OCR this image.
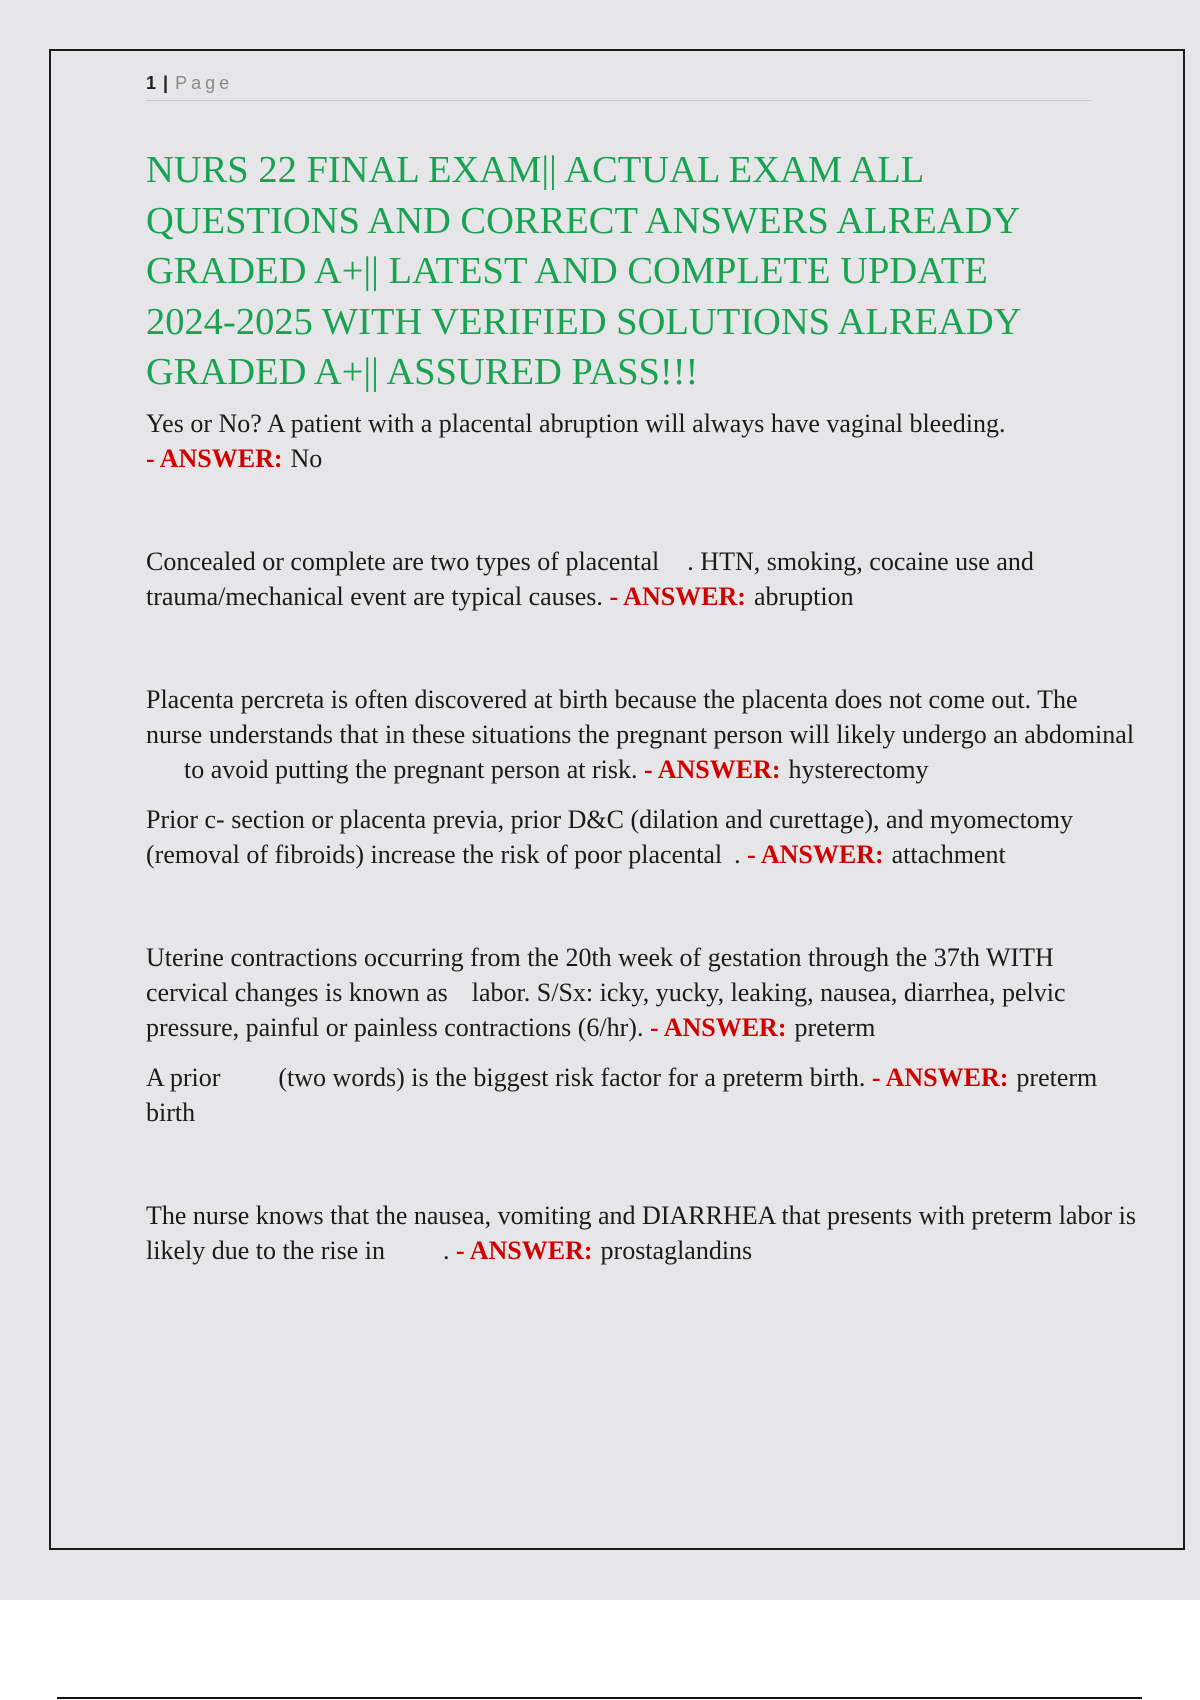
1 | Page
NURS 22 FINAL EXAM|| ACTUAL EXAM ALL
QUESTIONS AND CORRECT ANSWERS ALREADY
GRADED A+|| LATEST AND COMPLETE UPDATE
2024-2025 WITH VERIFIED SOLUTIONS ALREADY
GRADED A+|| ASSURED PASS!!!

Yes or No? A patient with a placental abruption will always have vaginal bleeding.
- ANSWER: No

Concealed or complete are two types of placental . HTN, smoking, cocaine use and trauma/mechanical event are typical causes. - ANSWER: abruption

Placenta percreta is often discovered at birth because the placenta does not come out. The nurse understands that in these situations the pregnant person will likely undergo an abdominalto avoid putting the pregnant person at risk. - ANSWER: hysterectomy

Prior c- section or placenta previa, prior D&C (dilation and curettage), and myomectomy (removal of fibroids) increase the risk of poor placental . - ANSWER: attachment

Uterine contractions occurring from the 20th week of gestation through the 37th WITH cervical changes is known as labor. S/Sx: icky, yucky, leaking, nausea, diarrhea, pelvic pressure, painful or painless contractions (6/hr). - ANSWER: preterm

A prior (two words) is the biggest risk factor for a preterm birth. - ANSWER: preterm birth

The nurse knows that the nausea, vomiting and DIARRHEA that presents with preterm labor is likely due to the rise in . - ANSWER: prostaglandins
